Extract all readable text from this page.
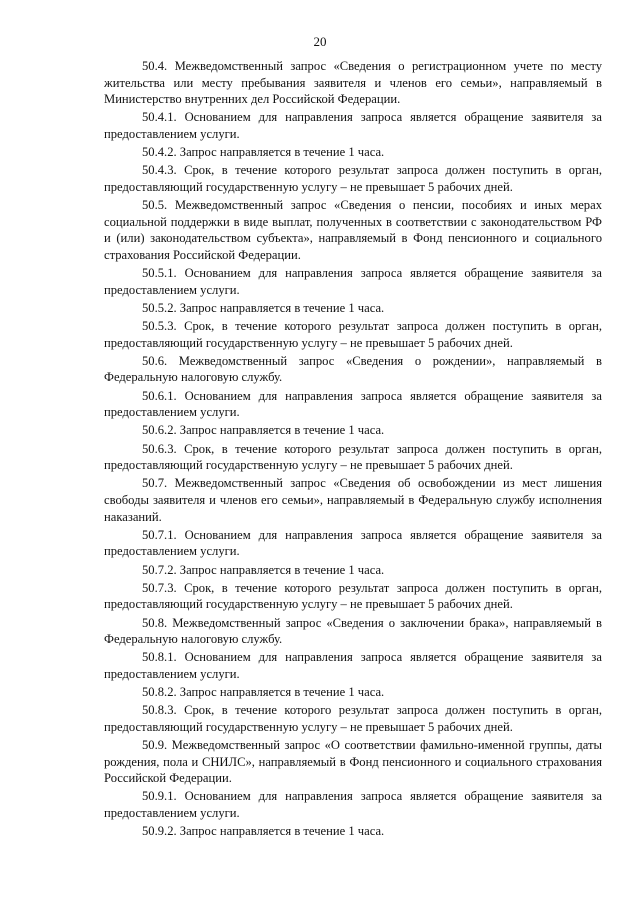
20

50.4. Межведомственный запрос «Сведения о регистрационном учете по месту жительства или месту пребывания заявителя и членов его семьи», направляемый в Министерство внутренних дел Российской Федерации.

50.4.1. Основанием для направления запроса является обращение заявителя за предоставлением услуги.

50.4.2. Запрос направляется в течение 1 часа.

50.4.3. Срок, в течение которого результат запроса должен поступить в орган, предоставляющий государственную услугу – не превышает 5 рабочих дней.

50.5. Межведомственный запрос «Сведения о пенсии, пособиях и иных мерах социальной поддержки в виде выплат, полученных в соответствии с законодательством РФ и (или) законодательством субъекта», направляемый в Фонд пенсионного и социального страхования Российской Федерации.

50.5.1. Основанием для направления запроса является обращение заявителя за предоставлением услуги.

50.5.2. Запрос направляется в течение 1 часа.

50.5.3. Срок, в течение которого результат запроса должен поступить в орган, предоставляющий государственную услугу – не превышает 5 рабочих дней.

50.6. Межведомственный запрос «Сведения о рождении», направляемый в Федеральную налоговую службу.

50.6.1. Основанием для направления запроса является обращение заявителя за предоставлением услуги.

50.6.2. Запрос направляется в течение 1 часа.

50.6.3. Срок, в течение которого результат запроса должен поступить в орган, предоставляющий государственную услугу – не превышает 5 рабочих дней.

50.7. Межведомственный запрос «Сведения об освобождении из мест лишения свободы заявителя и членов его семьи», направляемый в Федеральную службу исполнения наказаний.

50.7.1. Основанием для направления запроса является обращение заявителя за предоставлением услуги.

50.7.2. Запрос направляется в течение 1 часа.

50.7.3. Срок, в течение которого результат запроса должен поступить в орган, предоставляющий государственную услугу – не превышает 5 рабочих дней.

50.8. Межведомственный запрос «Сведения о заключении брака», направляемый в Федеральную налоговую службу.

50.8.1. Основанием для направления запроса является обращение заявителя за предоставлением услуги.

50.8.2. Запрос направляется в течение 1 часа.

50.8.3. Срок, в течение которого результат запроса должен поступить в орган, предоставляющий государственную услугу – не превышает 5 рабочих дней.

50.9. Межведомственный запрос «О соответствии фамильно-именной группы, даты рождения, пола и СНИЛС», направляемый в Фонд пенсионного и социального страхования Российской Федерации.

50.9.1. Основанием для направления запроса является обращение заявителя за предоставлением услуги.

50.9.2. Запрос направляется в течение 1 часа.
